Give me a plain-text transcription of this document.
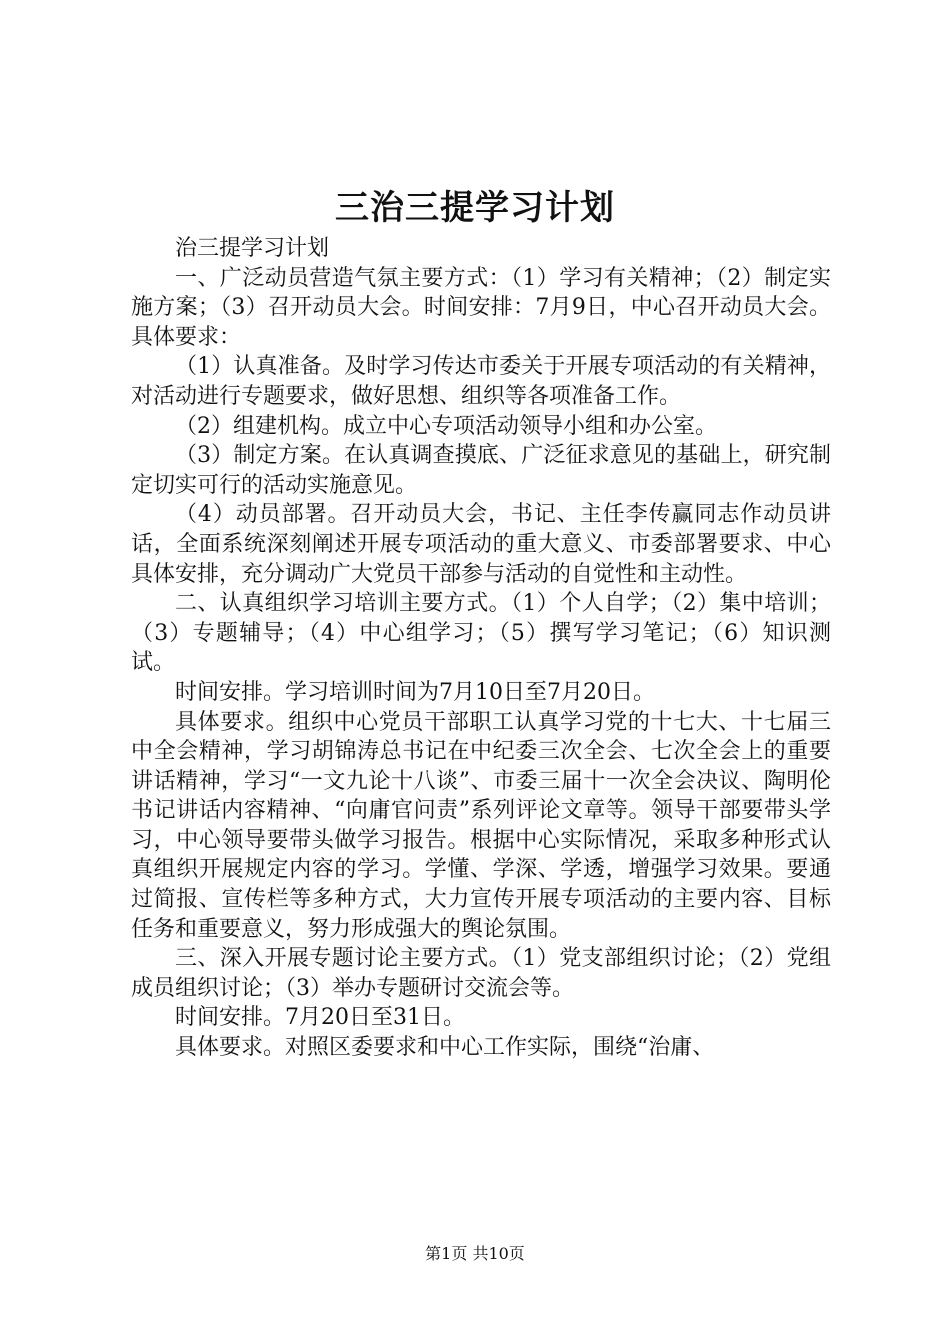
三治三提学习计划

治三提学习计划

一、广泛动员营造气氛主要方式：（1）学习有关精神；（2）制定实施方案；（3）召开动员大会。时间安排：7月9日，中心召开动员大会。具体要求：

（1）认真准备。及时学习传达市委关于开展专项活动的有关精神，对活动进行专题要求，做好思想、组织等各项准备工作。

（2）组建机构。成立中心专项活动领导小组和办公室。

（3）制定方案。在认真调查摸底、广泛征求意见的基础上，研究制定切实可行的活动实施意见。

（4）动员部署。召开动员大会，书记、主任李传赢同志作动员讲话，全面系统深刻阐述开展专项活动的重大意义、市委部署要求、中心具体安排，充分调动广大党员干部参与活动的自觉性和主动性。

二、认真组织学习培训主要方式。（1）个人自学；（2）集中培训；（3）专题辅导；（4）中心组学习；（5）撰写学习笔记；（6）知识测试。

时间安排。学习培训时间为7月10日至7月20日。

具体要求。组织中心党员干部职工认真学习党的十七大、十七届三中全会精神，学习胡锦涛总书记在中纪委三次全会、七次全会上的重要讲话精神，学习“一文九论十八谈”、市委三届十一次全会决议、陶明伦书记讲话内容精神、“向庸官问责”系列评论文章等。领导干部要带头学习，中心领导要带头做学习报告。根据中心实际情况，采取多种形式认真组织开展规定内容的学习。学懂、学深、学透，增强学习效果。要通过简报、宣传栏等多种方式，大力宣传开展专项活动的主要内容、目标任务和重要意义，努力形成强大的舆论氛围。

三、深入开展专题讨论主要方式。（1）党支部组织讨论；（2）党组成员组织讨论；（3）举办专题研讨交流会等。

时间安排。7月20日至31日。

具体要求。对照区委要求和中心工作实际，围绕“治庸、

第1页 共10页
